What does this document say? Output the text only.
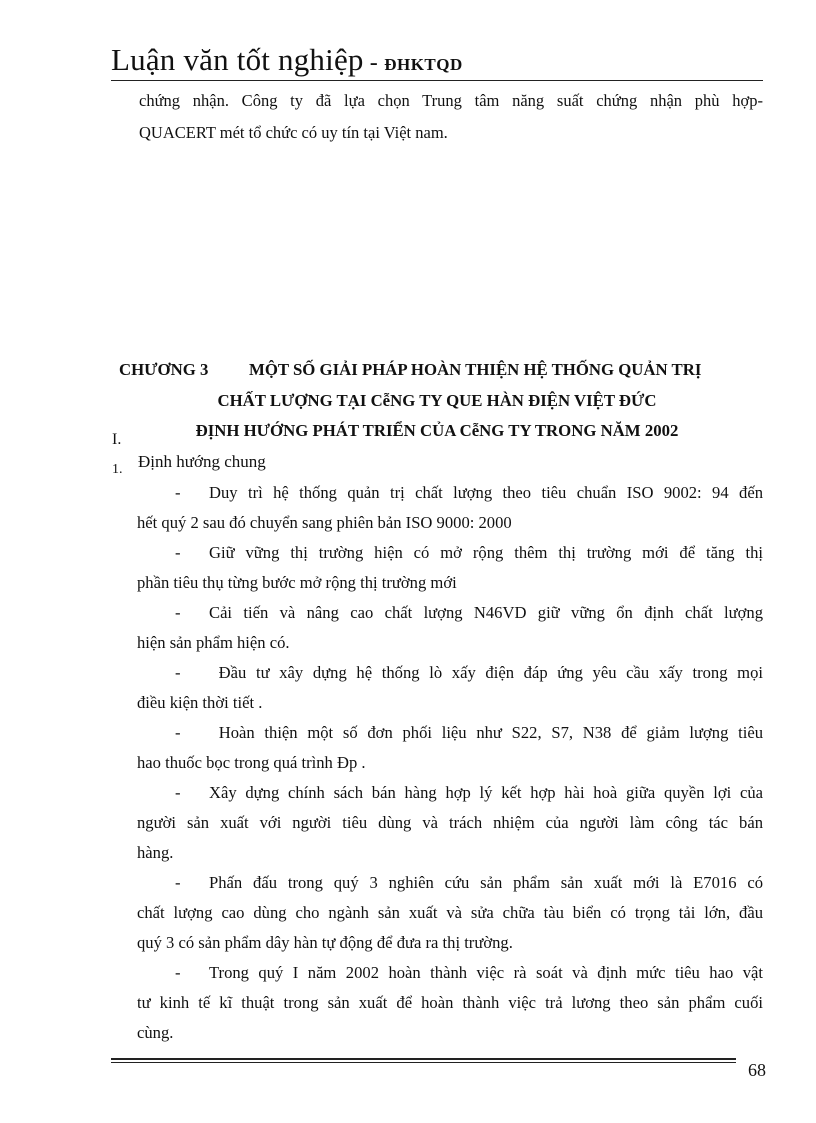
Luận văn tốt nghiệp - ĐHKTQD
chứng nhận. Công ty đã lựa chọn Trung tâm năng suất chứng nhận phù hợp-
QUACERT mét tổ chức có uy tín tại Việt nam.
CHƯƠNG 3 MỘT SỐ GIẢI PHÁP HOÀN THIỆN HỆ THỐNG QUẢN TRỊ
CHẤT LƯỢNG TẠI CễNG TY QUE HÀN ĐIỆN VIỆT ĐỨC
I.	ĐỊNH HƯỚNG PHÁT TRIỂN CỦA CễNG TY TRONG NĂM 2002
1. Định hướng chung
- Duy trì hệ thống quản trị chất lượng theo tiêu chuẩn ISO 9002: 94 đến
hết quý 2 sau đó chuyển sang phiên bản ISO 9000: 2000
- Giữ vững thị trường hiện có mở rộng thêm thị trường mới để tăng thị
phần tiêu thụ từng bước mở rộng thị trường mới
- Cải tiến và nâng cao chất lượng N46VD giữ vững ổn định chất lượng
hiện sản phẩm hiện có.
- Đầu tư xây dựng hệ thống lò xấy điện đáp ứng yêu cầu xấy trong mọi
điều kiện thời tiết .
- Hoàn thiện một số đơn phối liệu như S22, S7, N38 để giảm lượng tiêu
hao thuốc bọc trong quá trình Đp .
- Xây dựng chính sách bán hàng hợp lý kết hợp hài hoà giữa quyền lợi của
người sản xuất với người tiêu dùng và trách nhiệm của người làm công tác bán
hàng.
- Phấn đấu trong quý 3 nghiên cứu sản phẩm sản xuất mới là E7016 có
chất lượng cao dùng cho ngành sản xuất và sửa chữa tàu biển có trọng tải lớn, đầu
quý 3 có sản phẩm dây hàn tự động để đưa ra thị trường.
- Trong quý I năm 2002 hoàn thành việc rà soát và định mức tiêu hao vật
tư kinh tế kĩ thuật trong sản xuất để hoàn thành việc trả lương theo sản phẩm cuối
cùng.
68
